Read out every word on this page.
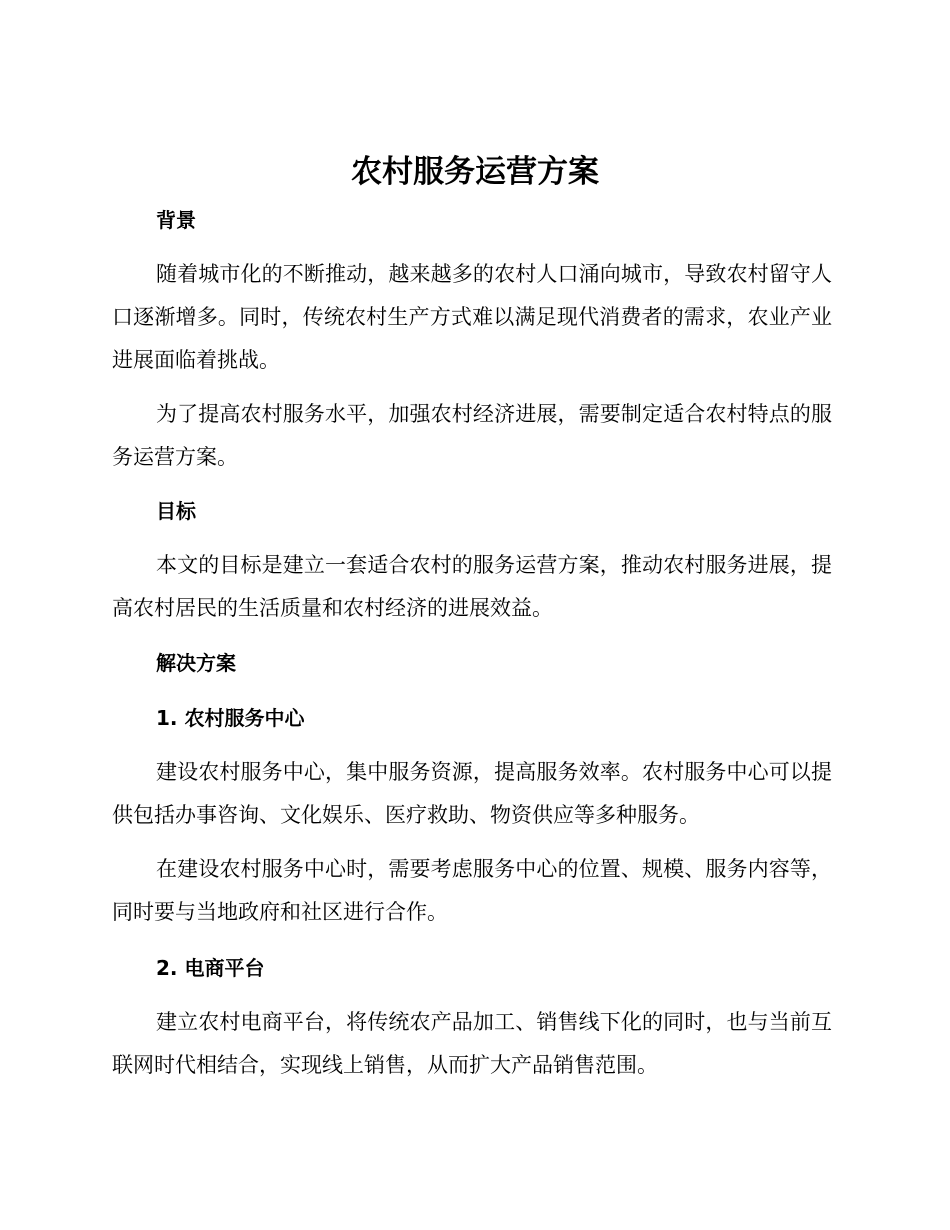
农村服务运营方案
背景

随着城市化的不断推动，越来越多的农村人口涌向城市，导致农村留守人口逐渐增多。同时，传统农村生产方式难以满足现代消费者的需求，农业产业进展面临着挑战。

为了提高农村服务水平，加强农村经济进展，需要制定适合农村特点的服务运营方案。

目标

本文的目标是建立一套适合农村的服务运营方案，推动农村服务进展，提高农村居民的生活质量和农村经济的进展效益。

解决方案
1. 农村服务中心

建设农村服务中心，集中服务资源，提高服务效率。农村服务中心可以提供包括办事咨询、文化娱乐、医疗救助、物资供应等多种服务。

在建设农村服务中心时，需要考虑服务中心的位置、规模、服务内容等，同时要与当地政府和社区进行合作。

2. 电商平台

建立农村电商平台，将传统农产品加工、销售线下化的同时，也与当前互联网时代相结合，实现线上销售，从而扩大产品销售范围。
